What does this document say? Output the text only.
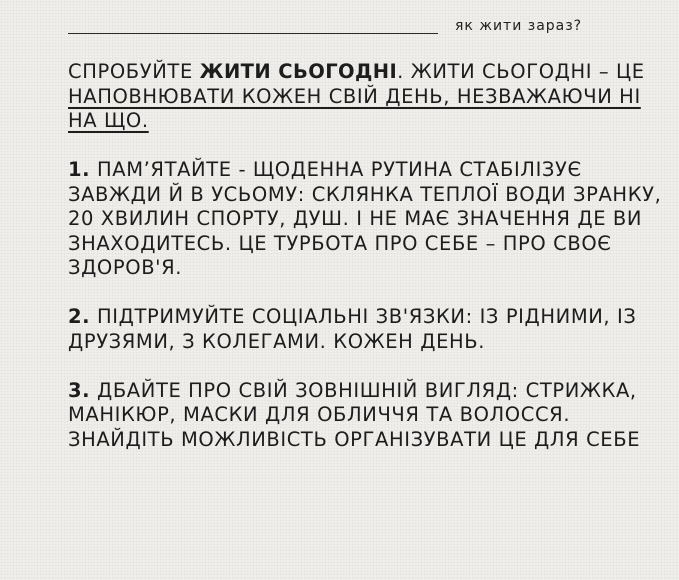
як жити зараз?

СПРОБУЙТЕ ЖИТИ СЬОГОДНІ. ЖИТИ СЬОГОДНІ – ЦЕ НАПОВНЮВАТИ КОЖЕН СВІЙ ДЕНЬ, НЕЗВАЖАЮЧИ НІ НА ЩО.

1. ПАМ’ЯТАЙТЕ - ЩОДЕННА РУТИНА СТАБІЛІЗУЄ ЗАВЖДИ Й В УСЬОМУ: СКЛЯНКА ТЕПЛОЇ ВОДИ ЗРАНКУ, 20 ХВИЛИН СПОРТУ, ДУШ. І НЕ МАЄ ЗНАЧЕННЯ ДЕ ВИ ЗНАХОДИТЕСЬ. ЦЕ ТУРБОТА ПРО СЕБЕ – ПРО СВОЄ ЗДОРОВ'Я.

2. ПІДТРИМУЙТЕ СОЦІАЛЬНІ ЗВ'ЯЗКИ: ІЗ РІДНИМИ, ІЗ ДРУЗЯМИ, З КОЛЕГАМИ. КОЖЕН ДЕНЬ.

3. ДБАЙТЕ ПРО СВІЙ ЗОВНІШНІЙ ВИГЛЯД: СТРИЖКА, МАНІКЮР, МАСКИ ДЛЯ ОБЛИЧЧЯ ТА ВОЛОССЯ. ЗНАЙДІТЬ МОЖЛИВІСТЬ ОРГАНІЗУВАТИ ЦЕ ДЛЯ СЕБЕ
